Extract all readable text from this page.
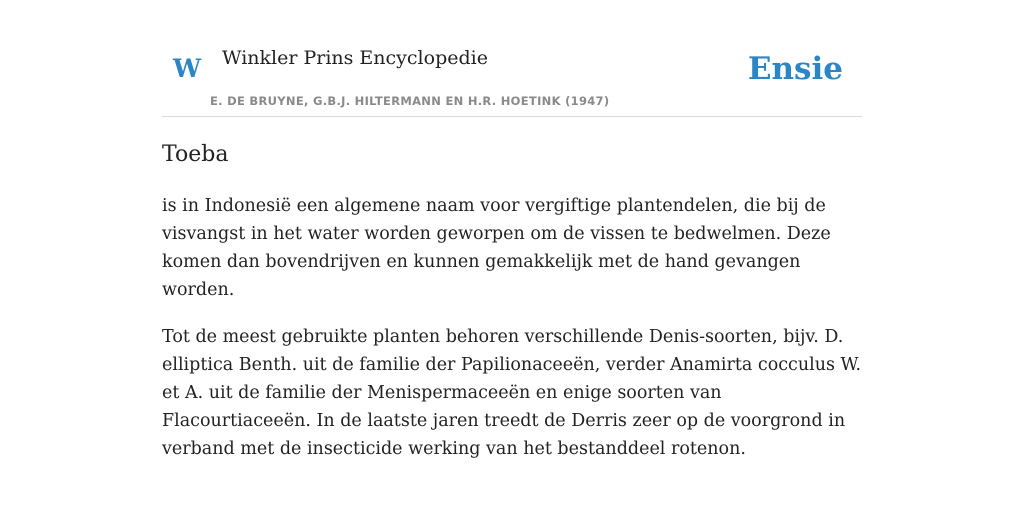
W Winkler Prins Encyclopedie
E. DE BRUYNE, G.B.J. HILTERMANN EN H.R. HOETINK (1947)
Ensie
Toeba

is in Indonesië een algemene naam voor vergiftige plantendelen, die bij de visvangst in het water worden geworpen om de vissen te bedwelmen. Deze komen dan bovendrijven en kunnen gemakkelijk met de hand gevangen worden.

Tot de meest gebruikte planten behoren verschillende Denis-soorten, bijv. D. elliptica Benth. uit de familie der Papilionaceeën, verder Anamirta cocculus W. et A. uit de familie der Menispermaceeën en enige soorten van Flacourtiaceeën. In de laatste jaren treedt de Derris zeer op de voorgrond in verband met de insecticide werking van het bestanddeel rotenon.
